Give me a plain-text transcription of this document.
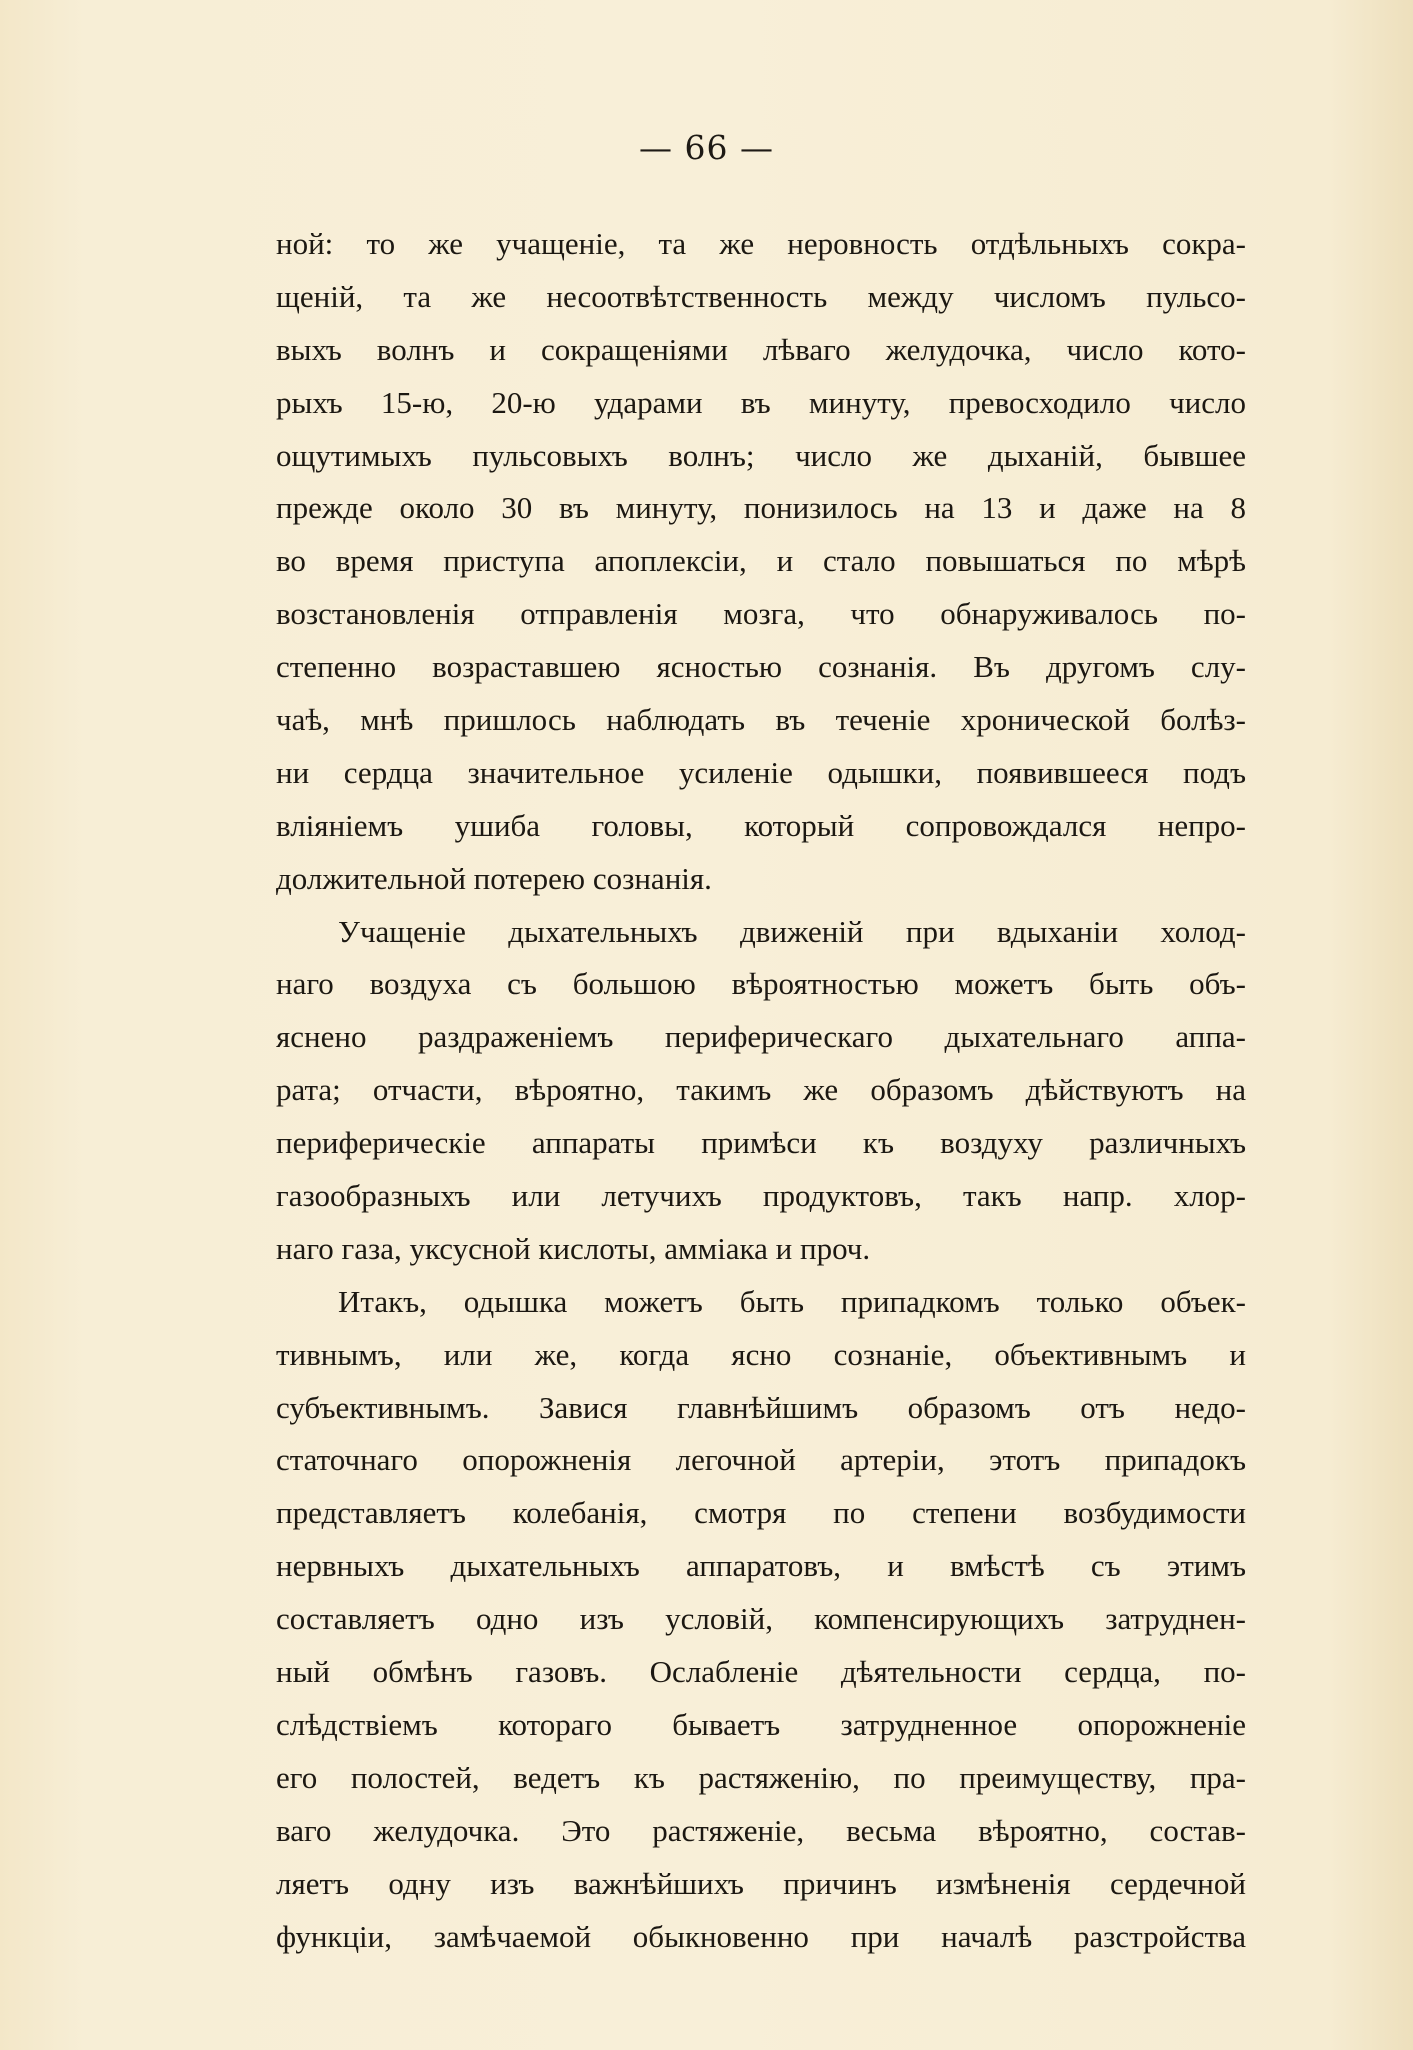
— 66 —
ной: то же учащеніе, та же неровность отдѣльныхъ сокра-
щеній, та же несоотвѣтственность между числомъ пульсо-
выхъ волнъ и сокращеніями лѣваго желудочка, число кото-
рыхъ 15-ю, 20-ю ударами въ минуту, превосходило число
ощутимыхъ пульсовыхъ волнъ; число же дыханій, бывшее
прежде около 30 въ минуту, понизилось на 13 и даже на 8
во время приступа апоплексіи, и стало повышаться по мѣрѣ
возстановленія отправленія мозга, что обнаруживалось по-
степенно возраставшею ясностью сознанія. Въ другомъ слу-
чаѣ, мнѣ пришлось наблюдать въ теченіе хронической болѣз-
ни сердца значительное усиленіе одышки, появившееся подъ
вліяніемъ ушиба головы, который сопровождался непро-
должительной потерею сознанія.
Учащеніе дыхательныхъ движеній при вдыханіи холод-
наго воздуха съ большою вѣроятностью можетъ быть объ-
яснено раздраженіемъ периферическаго дыхательнаго аппа-
рата; отчасти, вѣроятно, такимъ же образомъ дѣйствуютъ на
периферическіе аппараты примѣси къ воздуху различныхъ
газообразныхъ или летучихъ продуктовъ, такъ напр. хлор-
наго газа, уксусной кислоты, амміака и проч.
Итакъ, одышка можетъ быть припадкомъ только объек-
тивнымъ, или же, когда ясно сознаніе, объективнымъ и
субъективнымъ. Завися главнѣйшимъ образомъ отъ недо-
статочнаго опорожненія легочной артеріи, этотъ припадокъ
представляетъ колебанія, смотря по степени возбудимости
нервныхъ дыхательныхъ аппаратовъ, и вмѣстѣ съ этимъ
составляетъ одно изъ условій, компенсирующихъ затруднен-
ный обмѣнъ газовъ. Ослабленіе дѣятельности сердца, по-
слѣдствіемъ котораго бываетъ затрудненное опорожненіе
его полостей, ведетъ къ растяженію, по преимуществу, пра-
ваго желудочка. Это растяженіе, весьма вѣроятно, состав-
ляетъ одну изъ важнѣйшихъ причинъ измѣненія сердечной
функціи, замѣчаемой обыкновенно при началѣ разстройства
